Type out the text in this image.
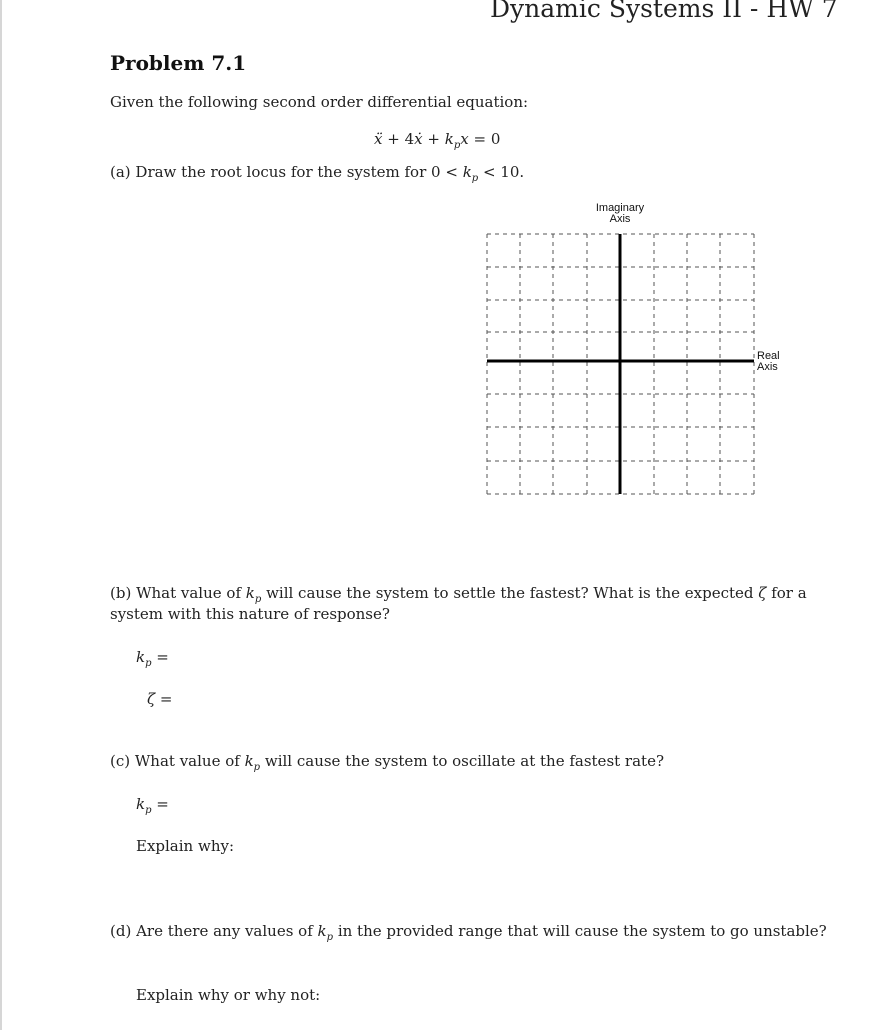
Dynamic Systems II - HW 7
Problem 7.1
Given the following second order differential equation:
ẍ + 4ẋ + $k_px = 0$
(a) Draw the root locus for the system for $0 < k_p < 10$.
Imaginary
Axis
Real
Axis
(b) What value of $k_p$ will cause the system to settle the fastest? What is the expected ζ for a
system with this nature of response?
$k_p$ =
ζ =
(c) What value of $k_p$ will cause the system to oscillate at the fastest rate?
$k_p$ =
Explain why:
(d) Are there any values of $k_p$ in the provided range that will cause the system to go unstable?
Explain why or why not:
